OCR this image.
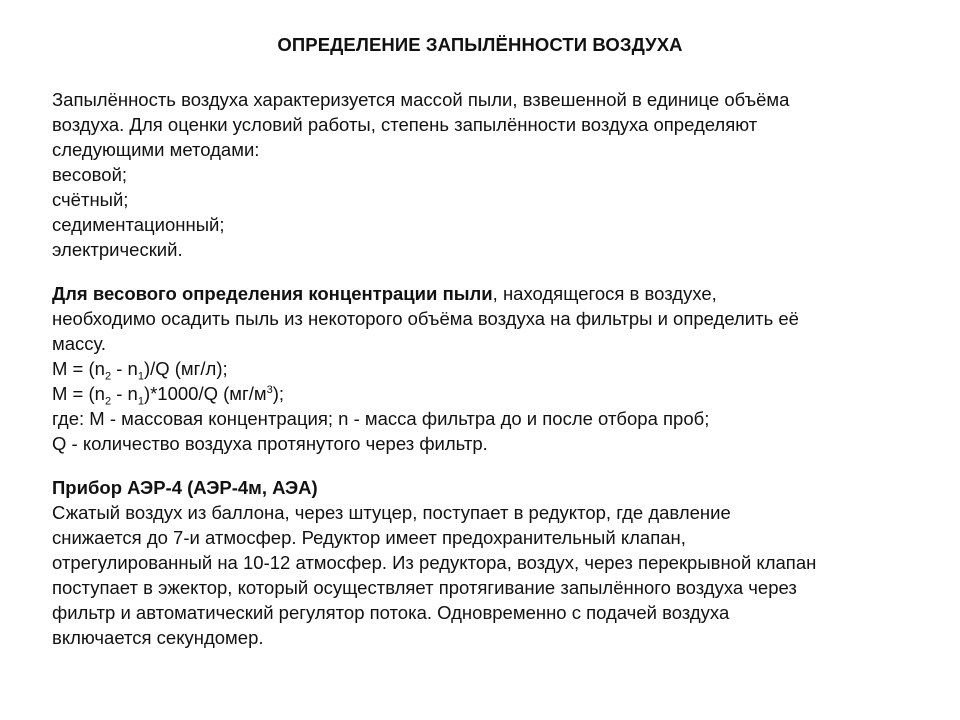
ОПРЕДЕЛЕНИЕ ЗАПЫЛЁННОСТИ ВОЗДУХА
Запылённость воздуха характеризуется массой пыли, взвешенной в единице объёма
воздуха. Для оценки условий работы, степень запылённости воздуха определяют
следующими методами:
весовой;
счётный;
седиментационный;
электрический.
Для весового определения концентрации пыли, находящегося в воздухе,
необходимо осадить пыль из некоторого объёма воздуха на фильтры и определить её
массу.
$M = (n_2 - n_1)/Q$ (мг/л);
$M = (n_2 - n_1)*1000/Q$ $(мг/м^3)$;
где: M - массовая концентрация; n - масса фильтра до и после отбора проб;
Q - количество воздуха протянутого через фильтр.
Прибор АЭР-4 (АЭР-4м, АЭА)
Сжатый воздух из баллона, через штуцер, поступает в редуктор, где давление
снижается до 7-и атмосфер. Редуктор имеет предохранительный клапан,
отрегулированный на 10-12 атмосфер. Из редуктора, воздух, через перекрывной клапан
поступает в эжектор, который осуществляет протягивание запылённого воздуха через
фильтр и автоматический регулятор потока. Одновременно с подачей воздуха
включается секундомер.
